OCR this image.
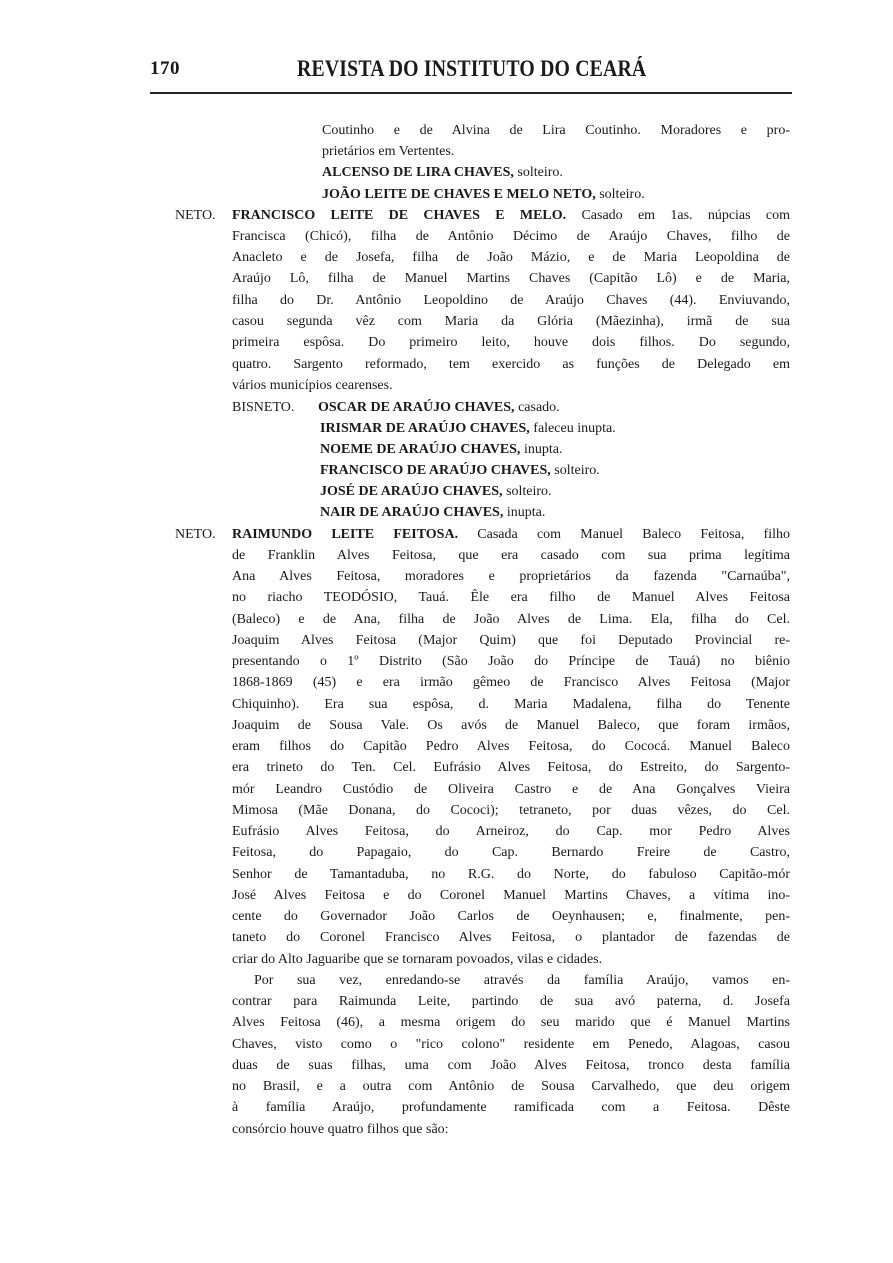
170	REVISTA DO INSTITUTO DO CEARÁ
Coutinho e de Alvina de Lira Coutinho. Moradores e pro-
prietários em Vertentes.
ALCENSO DE LIRA CHAVES, solteiro.
JOÃO LEITE DE CHAVES E MELO NETO, solteiro.
NETO. FRANCISCO LEITE DE CHAVES E MELO. Casado em 1as. núpcias com
Francisca (Chicó), filha de Antônio Décimo de Araújo Chaves, filho de
Anacleto e de Josefa, filha de João Mázio, e de Maria Leopoldina de
Araújo Lô, filha de Manuel Martins Chaves (Capitão Lô) e de Maria,
filha do Dr. Antônio Leopoldino de Araújo Chaves (44). Enviuvando,
casou segunda vêz com Maria da Glória (Mãezinha), irmã de sua
primeira espôsa. Do primeiro leito, houve dois filhos. Do segundo,
quatro. Sargento reformado, tem exercido as funções de Delegado em
vários municípios cearenses.
BISNETO. OSCAR DE ARAÚJO CHAVES, casado.
IRISMAR DE ARAÚJO CHAVES, faleceu inupta.
NOEME DE ARAÚJO CHAVES, inupta.
FRANCISCO DE ARAÚJO CHAVES, solteiro.
JOSÉ DE ARAÚJO CHAVES, solteiro.
NAIR DE ARAÚJO CHAVES, inupta.
NETO. RAIMUNDO LEITE FEITOSA. Casada com Manuel Baleco Feitosa, filho
de Franklin Alves Feitosa, que era casado com sua prima legítima
Ana Alves Feitosa, moradores e proprietários da fazenda "Carnaúba",
no riacho TEODÓSIO, Tauá. Êle era filho de Manuel Alves Feitosa
(Baleco) e de Ana, filha de João Alves de Lima. Ela, filha do Cel.
Joaquim Alves Feitosa (Major Quim) que foi Deputado Provincial re-
presentando o 1º Distrito (São João do Príncipe de Tauá) no biênio
1868-1869 (45) e era irmão gêmeo de Francisco Alves Feitosa (Major
Chiquinho). Era sua espôsa, d. Maria Madalena, filha do Tenente
Joaquim de Sousa Vale. Os avós de Manuel Baleco, que foram irmãos,
eram filhos do Capitão Pedro Alves Feitosa, do Cococá. Manuel Baleco
era trineto do Ten. Cel. Eufrásio Alves Feitosa, do Estreito, do Sargento-
mór Leandro Custódio de Oliveira Castro e de Ana Gonçalves Vieira
Mimosa (Mãe Donana, do Cococi); tetraneto, por duas vêzes, do Cel.
Eufrásio Alves Feitosa, do Arneiroz, do Cap. mor Pedro Alves
Feitosa, do Papagaio, do Cap. Bernardo Freire de Castro,
Senhor de Tamantaduba, no R.G. do Norte, do fabuloso Capitão-mór
José Alves Feitosa e do Coronel Manuel Martins Chaves, a vítima ino-
cente do Governador João Carlos de Oeynhausen; e, finalmente, pen-
taneto do Coronel Francisco Alves Feitosa, o plantador de fazendas de
criar do Alto Jaguaribe que se tornaram povoados, vilas e cidades.
Por sua vez, enredando-se através da família Araújo, vamos en-
contrar para Raimunda Leite, partindo de sua avó paterna, d. Josefa
Alves Feitosa (46), a mesma origem do seu marido que é Manuel Martins
Chaves, visto como o "rico colono" residente em Penedo, Alagoas, casou
duas de suas filhas, uma com João Alves Feitosa, tronco desta família
no Brasil, e a outra com Antônio de Sousa Carvalhedo, que deu origem
à família Araújo, profundamente ramificada com a Feitosa. Dêste
consórcio houve quatro filhos que são:
